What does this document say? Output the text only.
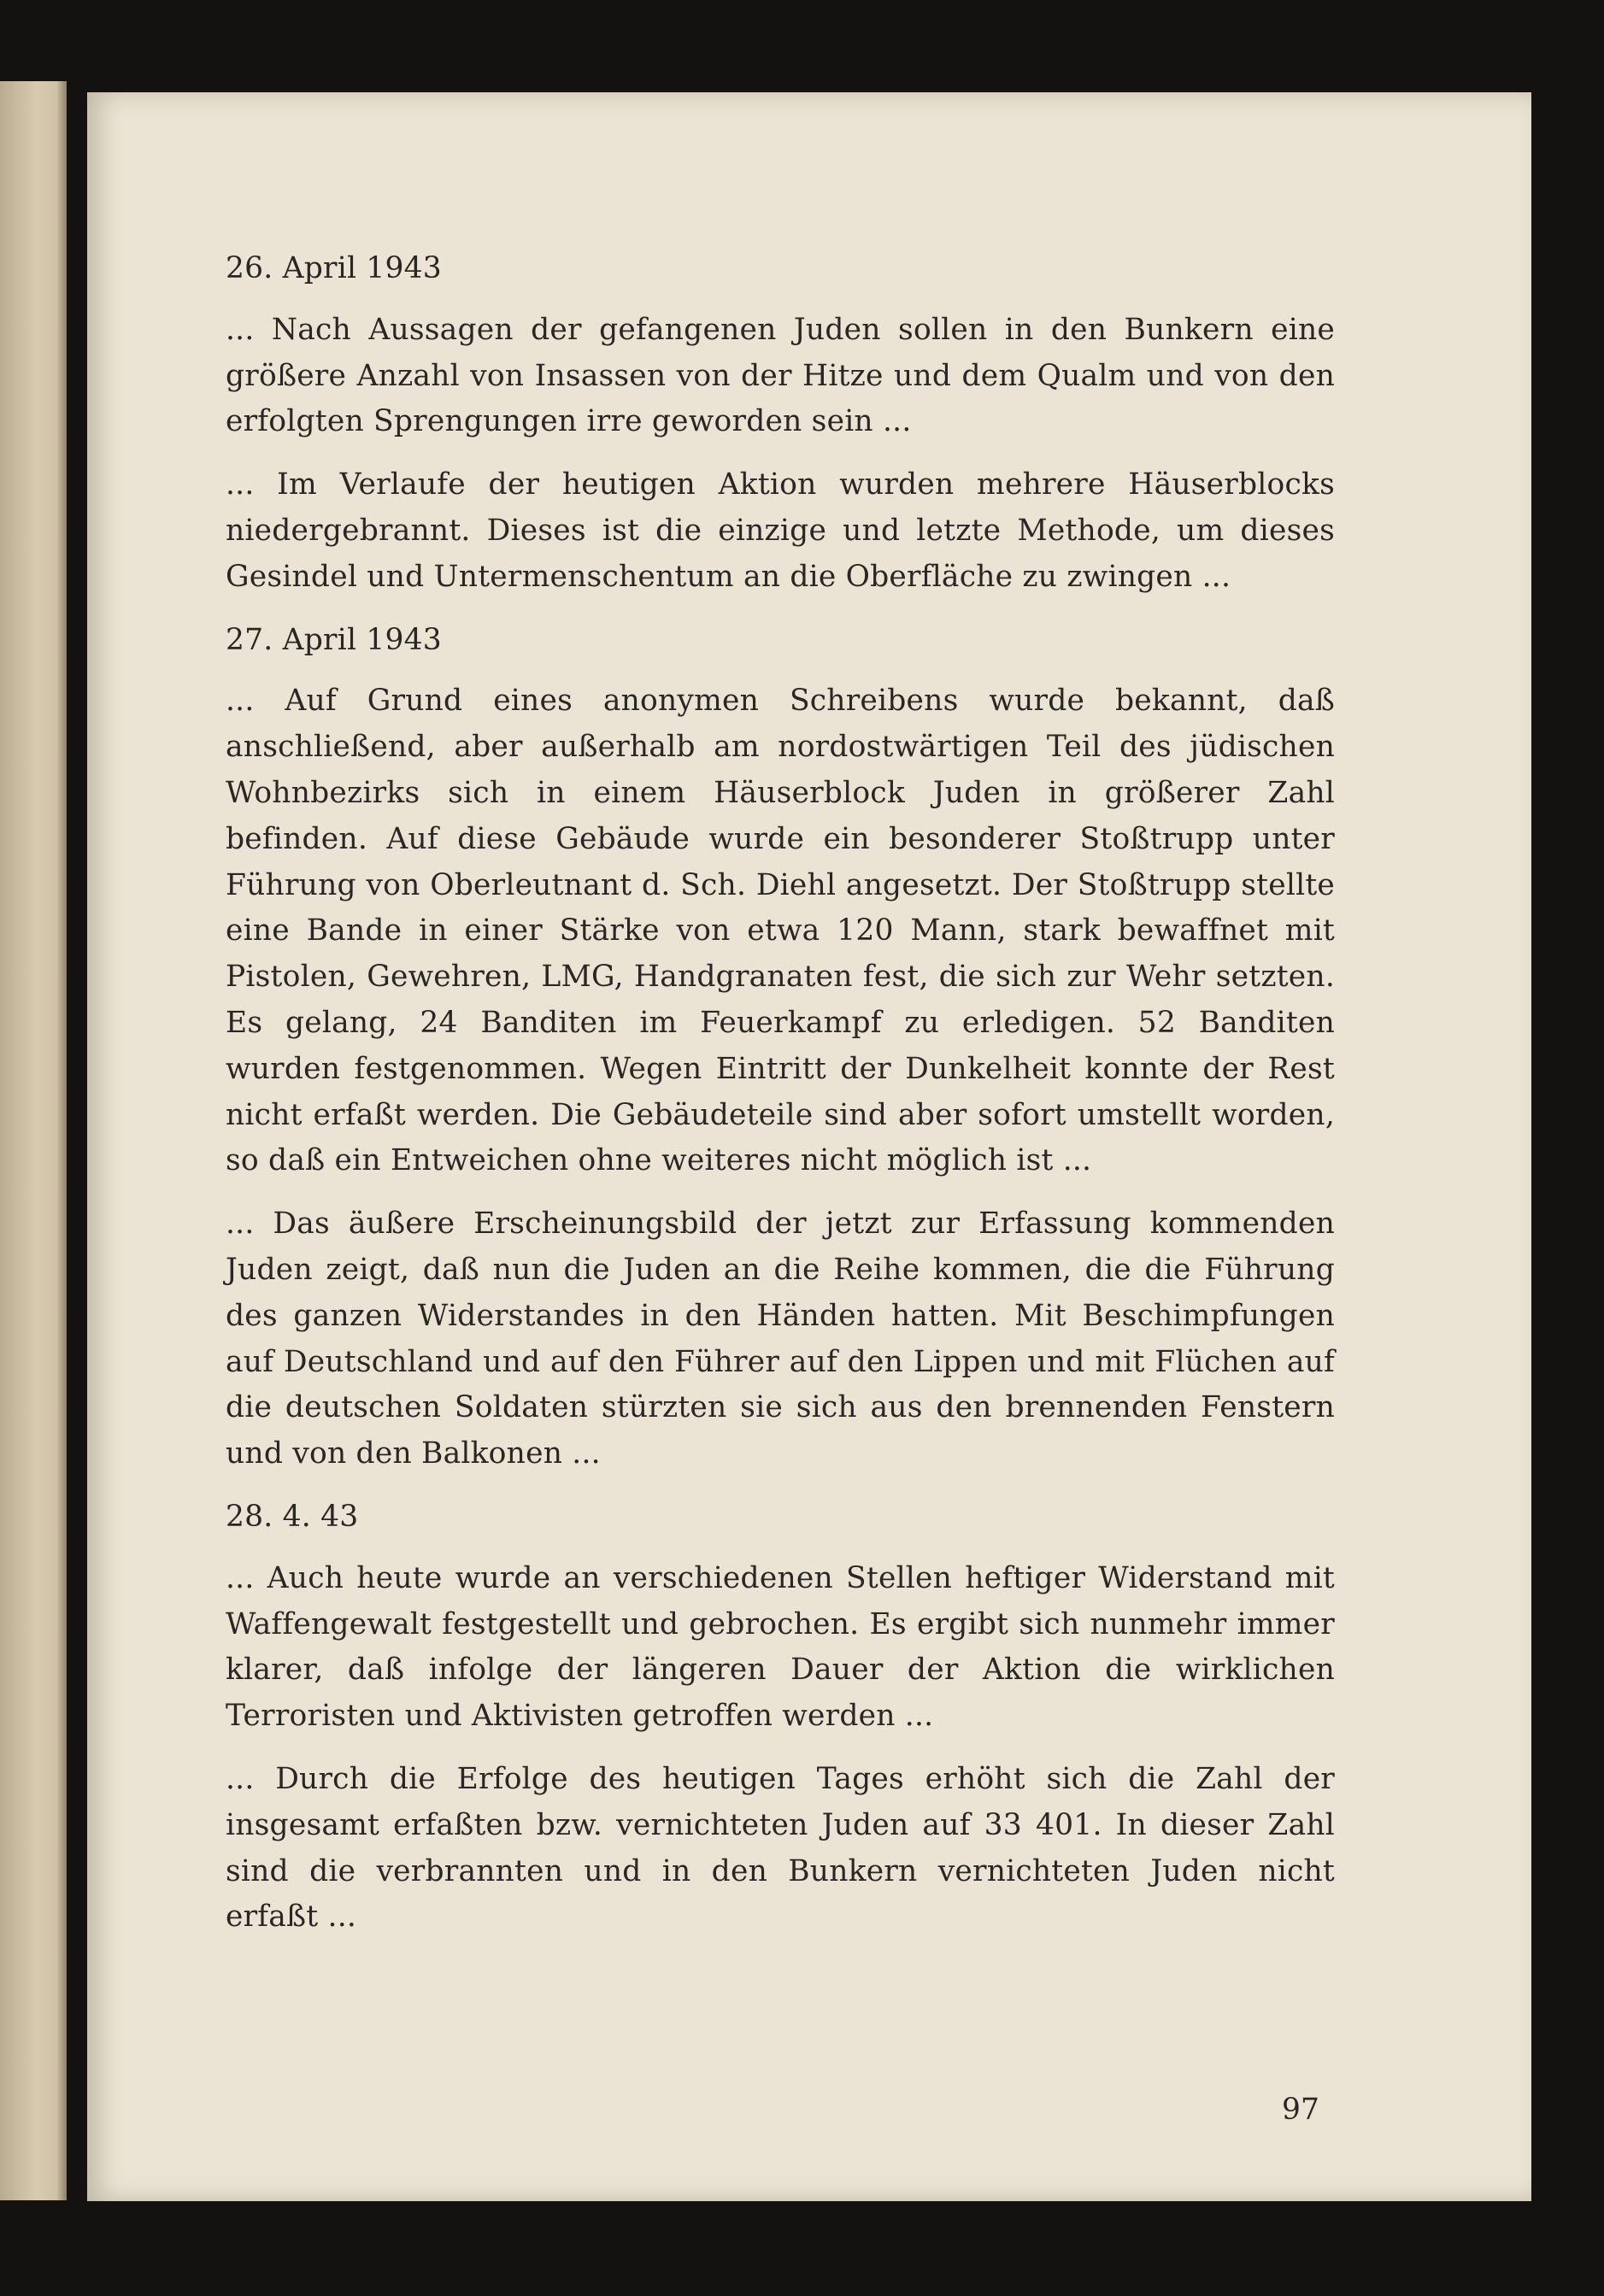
26. April 1943

... Nach Aussagen der gefangenen Juden sollen in den Bunkern eine größere Anzahl von Insassen von der Hitze und dem Qualm und von den erfolgten Sprengungen irre geworden sein ...

... Im Verlaufe der heutigen Aktion wurden mehrere Häuserblocks niedergebrannt. Dieses ist die einzige und letzte Methode, um dieses Gesindel und Untermenschentum an die Oberfläche zu zwingen ...

27. April 1943

... Auf Grund eines anonymen Schreibens wurde bekannt, daß anschließend, aber außerhalb am nordostwärtigen Teil des jüdischen Wohnbezirks sich in einem Häuserblock Juden in größerer Zahl befinden. Auf diese Gebäude wurde ein besonderer Stoßtrupp unter Führung von Oberleutnant d. Sch. Diehl angesetzt. Der Stoßtrupp stellte eine Bande in einer Stärke von etwa 120 Mann, stark bewaffnet mit Pistolen, Gewehren, LMG, Handgranaten fest, die sich zur Wehr setzten. Es gelang, 24 Banditen im Feuerkampf zu erledigen. 52 Banditen wurden festgenommen. Wegen Eintritt der Dunkelheit konnte der Rest nicht erfaßt werden. Die Gebäudeteile sind aber sofort umstellt worden, so daß ein Entweichen ohne weiteres nicht möglich ist ...

... Das äußere Erscheinungsbild der jetzt zur Erfassung kommenden Juden zeigt, daß nun die Juden an die Reihe kommen, die die Führung des ganzen Widerstandes in den Händen hatten. Mit Beschimpfungen auf Deutschland und auf den Führer auf den Lippen und mit Flüchen auf die deutschen Soldaten stürzten sie sich aus den brennenden Fenstern und von den Balkonen ...

28. 4. 43

... Auch heute wurde an verschiedenen Stellen heftiger Widerstand mit Waffengewalt festgestellt und gebrochen. Es ergibt sich nunmehr immer klarer, daß infolge der längeren Dauer der Aktion die wirklichen Terroristen und Aktivisten getroffen werden ...

... Durch die Erfolge des heutigen Tages erhöht sich die Zahl der insgesamt erfaßten bzw. vernichteten Juden auf 33 401. In dieser Zahl sind die verbrannten und in den Bunkern vernichteten Juden nicht erfaßt ...

97
